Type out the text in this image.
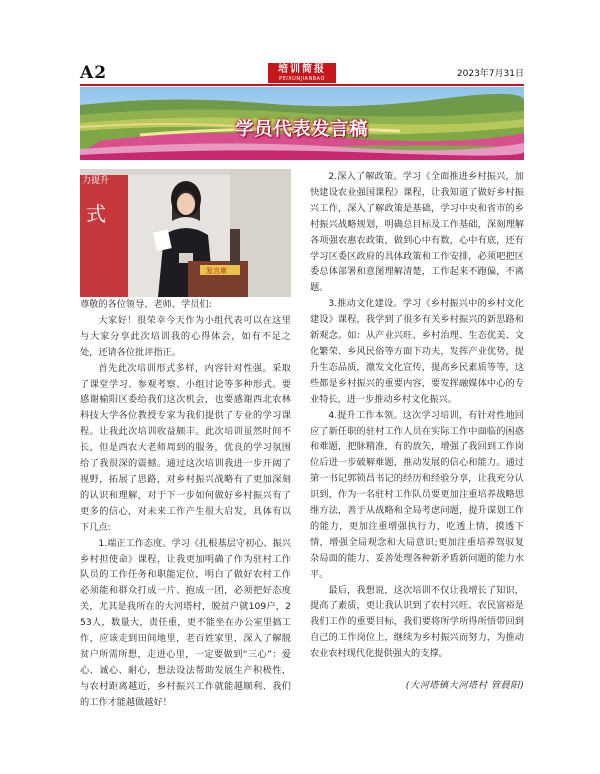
A2	培训简报
PEIXUNJIANBAO	2023年7月31日
学员代表发言稿
力提升
式
发言席

尊敬的各位领导、老师、学员们:

大家好！很荣幸今天作为小组代表可以在这里与大家分享此次培训我的心得体会，如有不足之处，还请各位批评指正。

首先此次培训形式多样，内容针对性强。采取了课堂学习、参观考察、小组讨论等多种形式。要感谢榆阳区委给我们这次机会，也要感谢西北农林科技大学各位教授专家为我们提供了专业的学习课程。让我此次培训收益颇丰。此次培训虽然时间不长，但是西农大老师周到的服务，优良的学习氛围给了我很深的震撼。通过这次培训我进一步开阔了视野，拓展了思路，对乡村振兴战略有了更加深刻的认识和理解，对于下一步如何做好乡村振兴有了更多的信心，对未来工作产生很大启发，具体有以下几点:

1.端正工作态度。学习《扎根基层守初心、振兴乡村担使命》课程，让我更加明确了作为驻村工作队员的工作任务和职能定位，明白了做好农村工作必须能和群众打成一片、抱成一团，必须把好态度关，尤其是我所在的大河塔村，脱贫户就109户，253人，数量大，责任重，更不能坐在办公室里搞工作，应该走到田间地里，老百姓家里，深入了解脱贫户所需所想，走进心里，一定要做到“三心”：爱心、诚心、耐心，想法设法帮助发展生产积极性，与农村距离越近，乡村振兴工作就能越顺利、我们的工作才能越做越好！

2.深入了解政策。学习《全面推进乡村振兴，加快建设农业强国课程》课程，让我知道了做好乡村振兴工作，深入了解政策是基础，学习中央和省市的乡村振兴战略规划，明确总目标及工作基础，深刻理解各项强农惠农政策，做到心中有数，心中有底，还有学习区委区政府的具体政策和工作安排，必须吧把区委总体部署和意图理解清楚，工作起来不跑偏，不离题。

3.推动文化建设。学习《乡村振兴中的乡村文化建设》课程，我学到了很多有关乡村振兴的新思路和新观念。如：从产业兴旺、乡村治理、生态优美、文化繁荣、乡风民俗等方面下功夫，发挥产业优势，提升生态品质，激发文化宣传，提高乡民素质等等，这些都是乡村振兴的重要内容，要发挥融媒体中心的专业特长，进一步推动乡村文化振兴。

4.提升工作本领。这次学习培训，有针对性地回应了新任职的驻村工作人员在实际工作中面临的困惑和难题，把脉精准，有的放矢，增强了我回到工作岗位后进一步破解难题，推动发展的信心和能力。通过第一书记郭锁昌书记的经历和经验分享，让我充分认识到，作为一名驻村工作队员要更加注重培养战略思维方法，善于从战略和全局考虑问题，提升谋划工作的能力，更加注重增强执行力，吃透上情，摸透下情，增强全局观念和大局意识;更加注重培养驾驭复杂局面的能力、妥善处理各种新矛盾新问题的能力水平。

最后，我想说，这次培训不仅让我增长了知识，提高了素质，更让我认识到了农村兴旺、农民富裕是我们工作的重要目标，我们要将所学所得所悟带回到自己的工作岗位上，继续为乡村振兴而努力，为推动农业农村现代化提供强大的支撑。

(大河塔镇大河塔村 管晨阳)
